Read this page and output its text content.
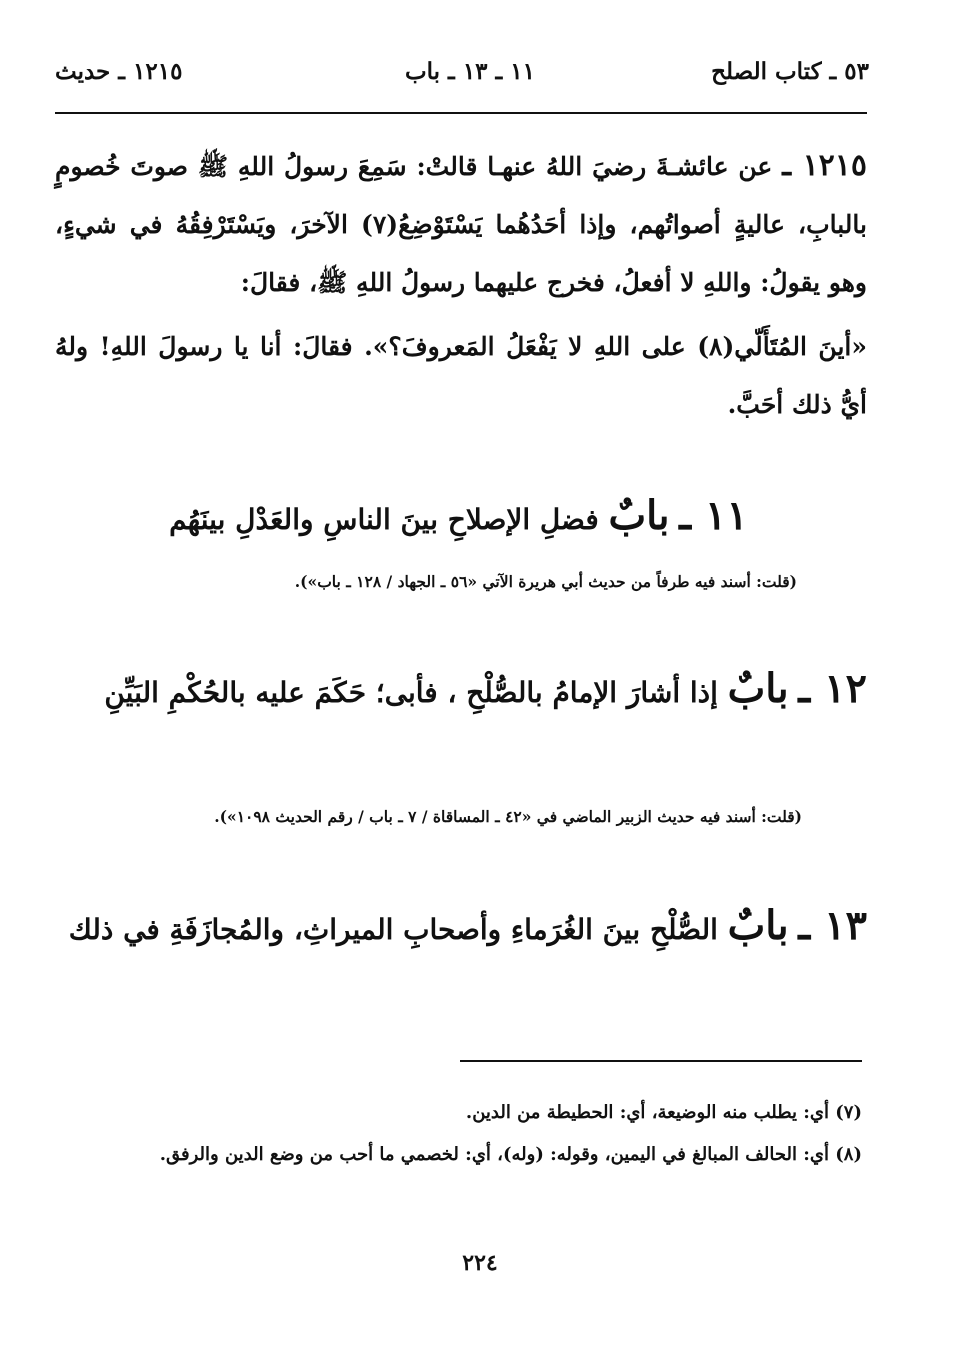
٥٣ ـ كتاب الصلح
١١ ـ ١٣ ـ باب
١٢١٥ ـ حديث
١٢١٥ ـ عن عائشـةَ رضيَ اللهُ عنهـا قالتْ: سَمِعَ رسولُ اللهِ ﷺ صوتَ خُصومٍ بالبابِ، عاليةٍ أصواتُهم، وإذا أحَدُهُما يَسْتَوْضِعُ(٧) الآخرَ، ويَسْتَرْفِقُهُ في شيءٍ، وهو يقولُ: واللهِ لا أفعلُ، فخرج عليهما رسولُ اللهِ ﷺ، فقالَ:
«أينَ المُتَأَلّي(٨) على اللهِ لا يَفْعَلُ المَعروفَ؟». فقالَ: أنا يا رسولَ اللهِ! ولهُ أيُّ ذلك أحَبَّ.
١١ ـ بابٌ فضلِ الإصلاحِ بينَ الناسِ والعَدْلِ بينَهُم
(قلت: أسند فيه طرفاً من حديث أبي هريرة الآتي «٥٦ ـ الجهاد / ١٢٨ ـ باب»).
١٢ ـ بابٌ إذا أشارَ الإمامُ بالصُّلْحِ ، فأبى؛ حَكَمَ عليه بالحُكْمِ البَيِّنِ
(قلت: أسند فيه حديث الزبير الماضي في «٤٢ ـ المساقاة / ٧ ـ باب / رقم الحديث ١٠٩٨»).
١٣ ـ بابٌ الصُّلْحِ بينَ الغُرَماءِ وأصحابِ الميراثِ، والمُجازَفَةِ في ذلك
(٧) أي: يطلب منه الوضيعة، أي: الحطيطة من الدين.
(٨) أي: الحالف المبالغ في اليمين، وقوله: (وله)، أي: لخصمي ما أحب من وضع الدين والرفق.
٢٢٤
